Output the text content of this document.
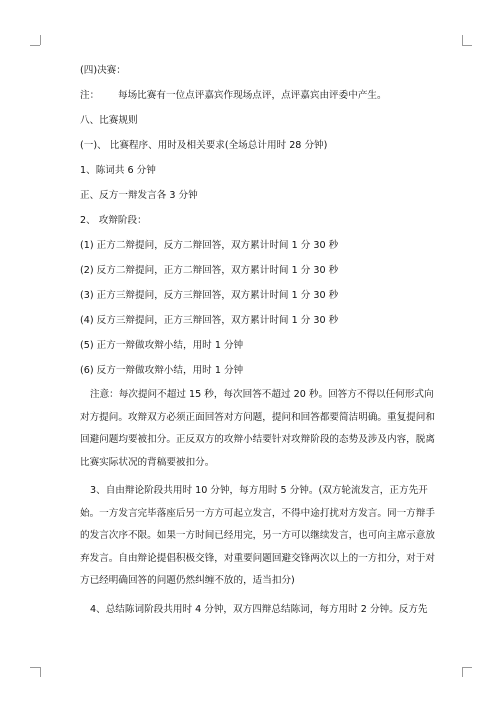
(四)决赛：

注： 每场比赛有一位点评嘉宾作现场点评，点评嘉宾由评委中产生。

八、比赛规则

(一)、 比赛程序、用时及相关要求(全场总计用时 28 分钟)

1、陈词共 6 分钟

正、反方一辩发言各 3 分钟

2、 攻辩阶段：

(1) 正方二辩提问，反方二辩回答，双方累计时间 1 分 30 秒

(2) 反方二辩提问，正方二辩回答，双方累计时间 1 分 30 秒

(3) 正方三辩提问，反方三辩回答，双方累计时间 1 分 30 秒

(4) 反方三辩提问，正方三辩回答，双方累计时间 1 分 30 秒

(5) 正方一辩做攻辩小结，用时 1 分钟

(6) 反方一辩做攻辩小结，用时 1 分钟

注意：每次提问不超过 15 秒，每次回答不超过 20 秒。回答方不得以任何形式向

对方提问。攻辩双方必须正面回答对方问题，提问和回答都要简洁明确。重复提问和

回避问题均要被扣分。正反双方的攻辩小结要针对攻辩阶段的态势及涉及内容，脱离

比赛实际状况的背稿要被扣分。

3、自由辩论阶段共用时 10 分钟，每方用时 5 分钟。(双方轮流发言，正方先开

始。一方发言完毕落座后另一方方可起立发言，不得中途打扰对方发言。同一方辩手

的发言次序不限。如果一方时间已经用完，另一方可以继续发言，也可向主席示意放

弃发言。自由辩论提倡积极交锋，对重要问题回避交锋两次以上的一方扣分，对于对

方已经明确回答的问题仍然纠缠不放的，适当扣分)

4、总结陈词阶段共用时 4 分钟，双方四辩总结陈词，每方用时 2 分钟。反方先
